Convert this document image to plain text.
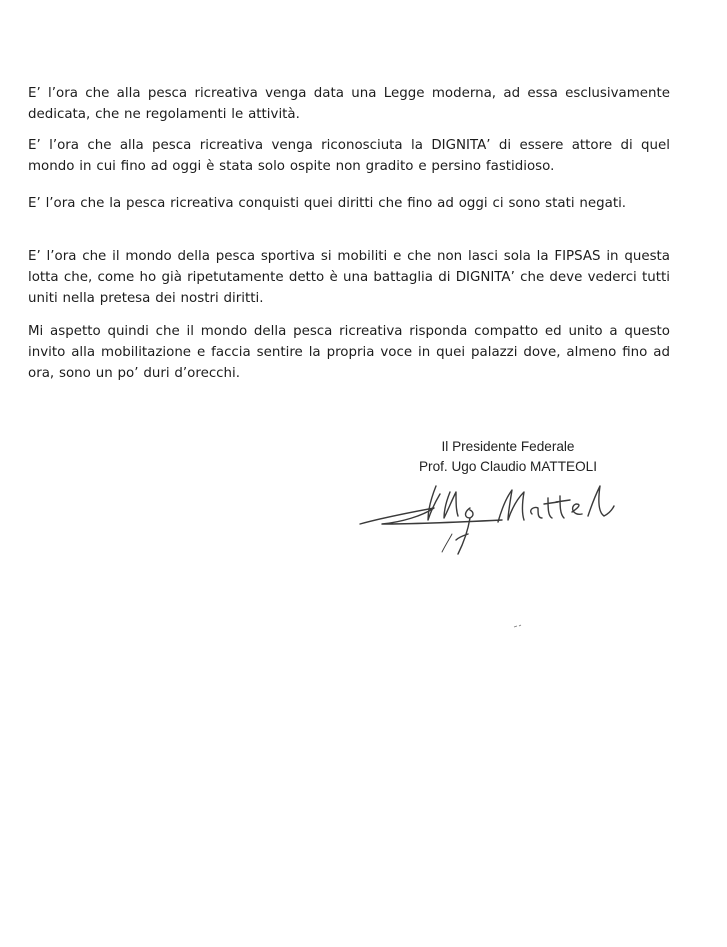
E’ l’ora che alla pesca ricreativa venga data una Legge moderna, ad essa esclusivamente dedicata, che ne regolamenti le attività.

E’ l’ora che alla pesca ricreativa venga riconosciuta la DIGNITA’ di essere attore di quel mondo in cui fino ad oggi è stata solo ospite non gradito e persino fastidioso.

E’ l’ora che la pesca ricreativa conquisti quei diritti che fino ad oggi ci sono stati negati.

E’ l’ora che il mondo della pesca sportiva si mobiliti e che non lasci sola la FIPSAS in questa lotta che, come ho già ripetutamente detto è una battaglia di DIGNITA’ che deve vederci tutti uniti nella pretesa dei nostri diritti.

Mi aspetto quindi che il mondo della pesca ricreativa risponda compatto ed unito a questo invito alla mobilitazione e faccia sentire la propria voce in quei palazzi dove, almeno fino ad ora, sono un po’ duri d’orecchi.

Il Presidente Federale
Prof. Ugo Claudio MATTEOLI
